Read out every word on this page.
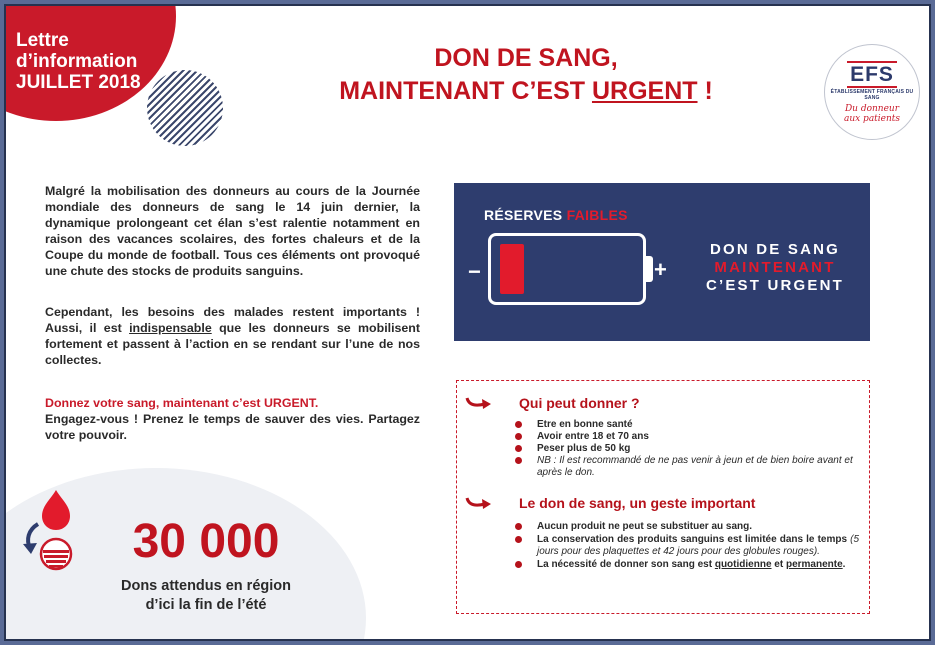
Lettre
d’information
JUILLET 2018
DON DE SANG,
MAINTENANT C’EST URGENT !
EFS
ÉTABLISSEMENT FRANÇAIS DU SANG
Du donneur
aux patients

Malgré la mobilisation des donneurs au cours de la Journée mondiale des donneurs de sang le 14 juin dernier, la dynamique prolongeant cet élan s’est ralentie notamment en raison des vacances scolaires, des fortes chaleurs et de la Coupe du monde de football. Tous ces éléments ont provoqué une chute des stocks de produits sanguins.

Cependant, les besoins des malades restent importants ! Aussi, il est indispensable que les donneurs se mobilisent fortement et passent à l’action en se rendant sur l’une de nos collectes.

Donnez votre sang, maintenant c’est URGENT.
Engagez-vous ! Prenez le temps de sauver des vies. Partagez votre pouvoir.
30 000
Dons attendus en région
d’ici la fin de l’été
RÉSERVES FAIBLES
−	+
DON DE SANG
MAINTENANT
C’EST URGENT
Qui peut donner ?
Etre en bonne santé
Avoir entre 18 et 70 ans
Peser plus de 50 kg
NB : Il est recommandé de ne pas venir à jeun et de bien boire avant et après le don.
Le don de sang, un geste important
Aucun produit ne peut se substituer au sang.
La conservation des produits sanguins est limitée dans le temps (5 jours pour des plaquettes et 42 jours pour des globules rouges).
La nécessité de donner son sang est quotidienne et permanente.
